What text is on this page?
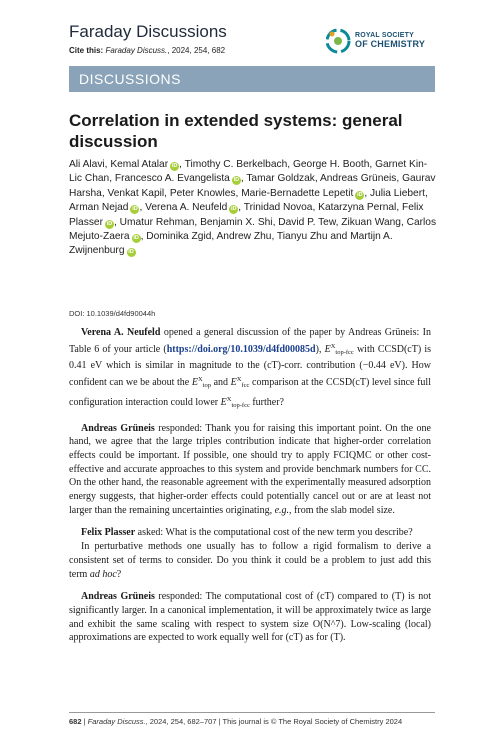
Faraday Discussions
Cite this: Faraday Discuss., 2024, 254, 682
ROYAL SOCIETY
OF CHEMISTRY
DISCUSSIONS
Correlation in extended systems: general discussion
Ali Alavi, Kemal Atalar iD , Timothy C. Berkelbach, George H. Booth, Garnet Kin-Lic Chan, Francesco A. Evangelista iD , Tamar Goldzak, Andreas Grüneis, Gaurav Harsha, Venkat Kapil, Peter Knowles, Marie-Bernadette Lepetit iD , Julia Liebert, Arman Nejad iD , Verena A. Neufeld iD , Trinidad Novoa, Katarzyna Pernal, Felix Plasser iD , Umatur Rehman, Benjamin X. Shi, David P. Tew, Zikuan Wang, Carlos Mejuto-Zaera iD , Dominika Zgid, Andrew Zhu, Tianyu Zhu and Martijn A. Zwijnenburg iD
DOI: 10.1039/d4fd90044h

Verena A. Neufeld opened a general discussion of the paper by Andreas Grüneis: In Table 6 of your article (https://doi.org/10.1039/d4fd00085d), $E^X_{top-fcc}$ with CCSD(cT) is 0.41 eV which is similar in magnitude to the (cT)-corr. contribution (−0.44 eV). How confident can we be about the $E^X_{top}$ and $E^X_{fcc}$ comparison at the CCSD(cT) level since full configuration interaction could lower $E^X_{top-fcc}$ further?

Andreas Grüneis responded: Thank you for raising this important point. On the one hand, we agree that the large triples contribution indicate that higher-order correlation effects could be important. If possible, one should try to apply FCIQMC or other cost-effective and accurate approaches to this system and provide benchmark numbers for CC. On the other hand, the reasonable agreement with the experimentally measured adsorption energy suggests, that higher-order effects could potentially cancel out or are at least not larger than the remaining uncertainties originating, e.g., from the slab model size.

Felix Plasser asked: What is the computational cost of the new term you describe?

In perturbative methods one usually has to follow a rigid formalism to derive a consistent set of terms to consider. Do you think it could be a problem to just add this term ad hoc?

Andreas Grüneis responded: The computational cost of (cT) compared to (T) is not significantly larger. In a canonical implementation, it will be approximately twice as large and exhibit the same scaling with respect to system size O(N^7). Low-scaling (local) approximations are expected to work equally well for (cT) as for (T).

682 | Faraday Discuss., 2024, 254, 682–707 | This journal is © The Royal Society of Chemistry 2024
